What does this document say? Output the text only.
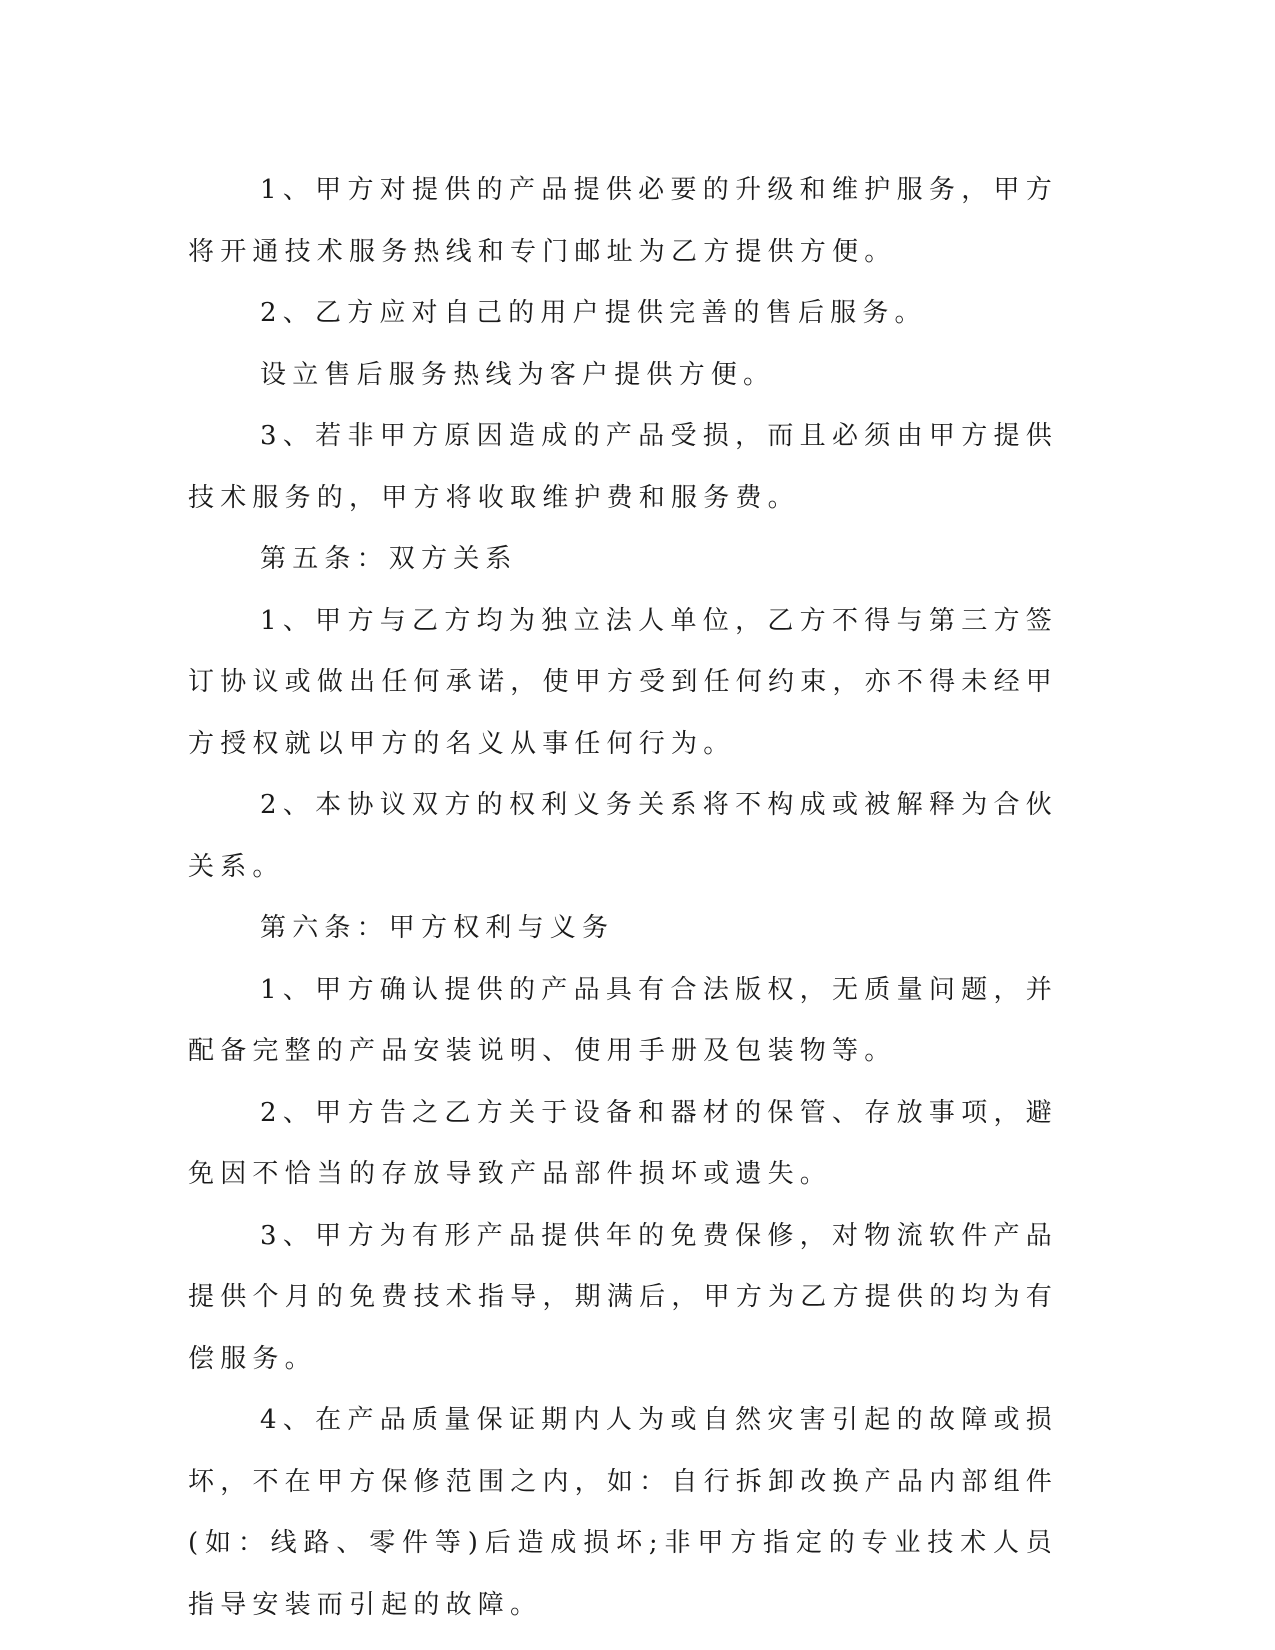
1、甲方对提供的产品提供必要的升级和维护服务，甲方将开通技术服务热线和专门邮址为乙方提供方便。

2、乙方应对自己的用户提供完善的售后服务。

设立售后服务热线为客户提供方便。

3、若非甲方原因造成的产品受损，而且必须由甲方提供技术服务的，甲方将收取维护费和服务费。

第五条：双方关系

1、甲方与乙方均为独立法人单位，乙方不得与第三方签订协议或做出任何承诺，使甲方受到任何约束，亦不得未经甲方授权就以甲方的名义从事任何行为。

2、本协议双方的权利义务关系将不构成或被解释为合伙关系。

第六条：甲方权利与义务

1、甲方确认提供的产品具有合法版权，无质量问题，并配备完整的产品安装说明、使用手册及包装物等。

2、甲方告之乙方关于设备和器材的保管、存放事项，避免因不恰当的存放导致产品部件损坏或遗失。

3、甲方为有形产品提供年的免费保修，对物流软件产品提供个月的免费技术指导，期满后，甲方为乙方提供的均为有偿服务。

4、在产品质量保证期内人为或自然灾害引起的故障或损坏，不在甲方保修范围之内，如：自行拆卸改换产品内部组件(如：线路、零件等)后造成损坏;非甲方指定的专业技术人员指导安装而引起的故障。
